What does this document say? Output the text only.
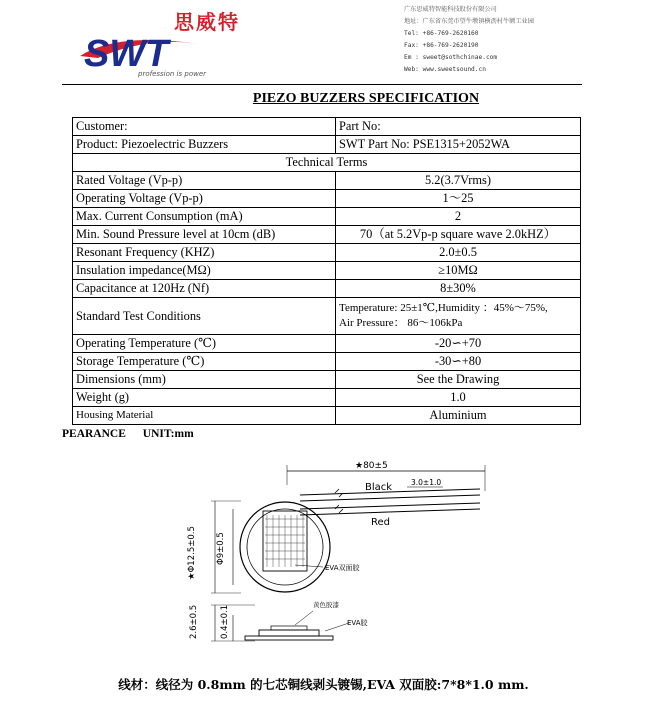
思威特
SWT
profession is power
广东思威特智能科技股份有限公司
地址：广东省东莞市望牛墩镇横沥村牛额工业园
Tel: +86-769-2620160
Fax: +86-769-2620190
Em : sweet@sothchinae.com
Web: www.sweetsound.cn
PIEZO BUZZERS SPECIFICATION
Customer:	Part No:
Product: Piezoelectric Buzzers	SWT Part No: PSE1315+2052WA
Technical Terms	
Rated Voltage (Vp-p)	5.2(3.7Vrms)
Operating Voltage (Vp-p)	1～25
Max. Current Consumption (mA)	2
Min. Sound Pressure level at 10cm (dB)	70（at 5.2Vp-p square wave 2.0kHZ）
Resonant Frequency (KHZ)	2.0±0.5
Insulation impedance(MΩ)	≥10MΩ
Capacitance at 120Hz (Nf)	8±30%
Standard Test Conditions	Temperature: 25±1℃,Humidity ：45%～75%,
Air Pressure： 86～106kPa

Operating Temperature (℃)	-20∽+70
Storage Temperature (℃)	-30∽+80
Dimensions (mm)	See the Drawing
Weight (g)	1.0
Housing Material	Aluminium
PEARANCE UNIT:mm
★80±5
3.0±1.0
Black
Red
★Φ12.5±0.5 Φ9±0.5
EVA双面胶
2.6±0.5 0.4±0.1	黄色胶漆
EVA胶
线材：线径为 0.8mm 的七芯铜线剥头镀锡,EVA 双面胶:7*8*1.0 mm.
